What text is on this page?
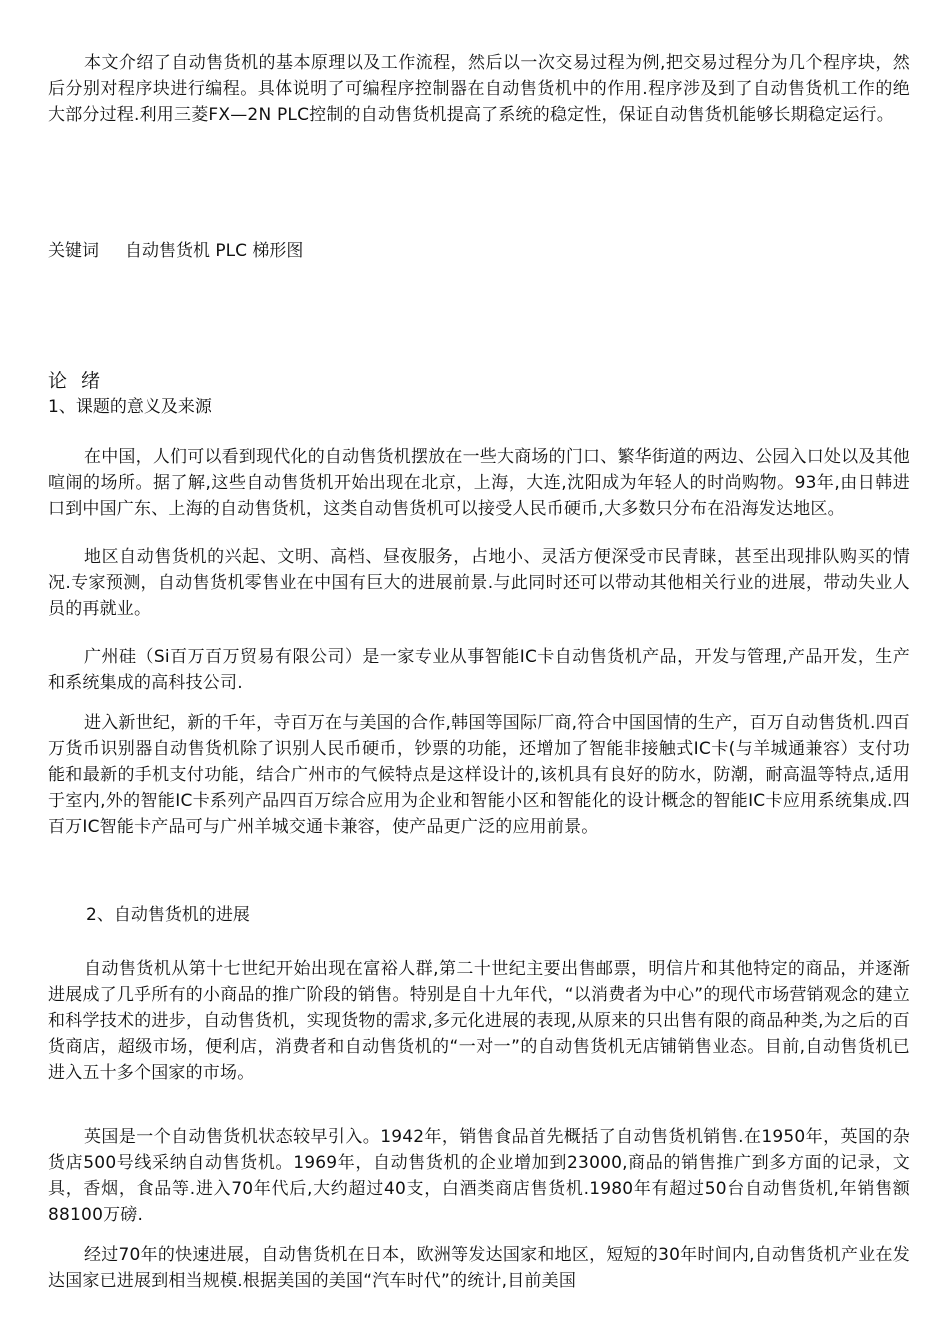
本文介绍了自动售货机的基本原理以及工作流程，然后以一次交易过程为例,把交易过程分为几个程序块，然后分别对程序块进行编程。具体说明了可编程序控制器在自动售货机中的作用.程序涉及到了自动售货机工作的绝大部分过程.利用三菱FX—2N PLC控制的自动售货机提高了系统的稳定性，保证自动售货机能够长期稳定运行。

关键词 自动售货机 PLC 梯形图
论 绪
1、课题的意义及来源

在中国，人们可以看到现代化的自动售货机摆放在一些大商场的门口、繁华街道的两边、公园入口处以及其他喧闹的场所。据了解,这些自动售货机开始出现在北京，上海，大连,沈阳成为年轻人的时尚购物。93年,由日韩进口到中国广东、上海的自动售货机，这类自动售货机可以接受人民币硬币,大多数只分布在沿海发达地区。

地区自动售货机的兴起、文明、高档、昼夜服务，占地小、灵活方便深受市民青睐，甚至出现排队购买的情况.专家预测，自动售货机零售业在中国有巨大的进展前景.与此同时还可以带动其他相关行业的进展，带动失业人员的再就业。

广州硅（Si百万百万贸易有限公司）是一家专业从事智能IC卡自动售货机产品，开发与管理,产品开发，生产和系统集成的高科技公司.

进入新世纪，新的千年，寺百万在与美国的合作,韩国等国际厂商,符合中国国情的生产，百万自动售货机.四百万货币识别器自动售货机除了识别人民币硬币，钞票的功能，还增加了智能非接触式IC卡(与羊城通兼容）支付功能和最新的手机支付功能，结合广州市的气候特点是这样设计的,该机具有良好的防水，防潮，耐高温等特点,适用于室内,外的智能IC卡系列产品四百万综合应用为企业和智能小区和智能化的设计概念的智能IC卡应用系统集成.四百万IC智能卡产品可与广州羊城交通卡兼容，使产品更广泛的应用前景。

2、自动售货机的进展

自动售货机从第十七世纪开始出现在富裕人群,第二十世纪主要出售邮票，明信片和其他特定的商品，并逐渐进展成了几乎所有的小商品的推广阶段的销售。特别是自十九年代，“以消费者为中心”的现代市场营销观念的建立和科学技术的进步，自动售货机，实现货物的需求,多元化进展的表现,从原来的只出售有限的商品种类,为之后的百货商店，超级市场，便利店，消费者和自动售货机的“一对一”的自动售货机无店铺销售业态。目前,自动售货机已进入五十多个国家的市场。

英国是一个自动售货机状态较早引入。1942年，销售食品首先概括了自动售货机销售.在1950年，英国的杂货店500号线采纳自动售货机。1969年，自动售货机的企业增加到23000,商品的销售推广到多方面的记录，文具，香烟，食品等.进入70年代后,大约超过40支，白酒类商店售货机.1980年有超过50台自动售货机,年销售额88100万磅.

经过70年的快速进展，自动售货机在日本，欧洲等发达国家和地区，短短的30年时间内,自动售货机产业在发达国家已进展到相当规模.根据美国的美国“汽车时代”的统计,目前美国
